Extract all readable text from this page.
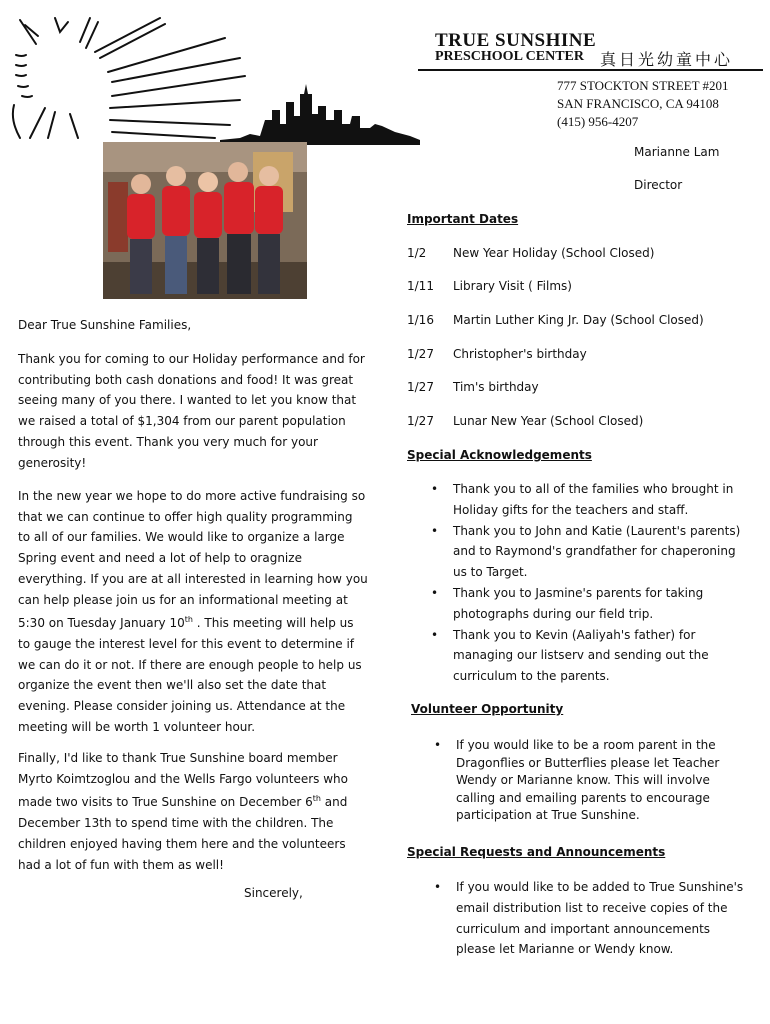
TRUE SUNSHINE
PRESCHOOL CENTER 真日光幼童中心
777 STOCKTON STREET #201
SAN FRANCISCO, CA 94108
(415) 956-4207
Marianne Lam
Director
Dear True Sunshine Families,

Thank you for coming to our Holiday performance and for contributing both cash donations and food! It was great seeing many of you there. I wanted to let you know that we raised a total of $1,304 from our parent population through this event. Thank you very much for your generosity!

In the new year we hope to do more active fundraising so that we can continue to offer high quality programming to all of our families. We would like to organize a large Spring event and need a lot of help to oragnize everything. If you are at all interested in learning how you can help please join us for an informational meeting at 5:30 on Tuesday January 10th . This meeting will help us to gauge the interest level for this event to determine if we can do it or not. If there are enough people to help us organize the event then we'll also set the date that evening. Please consider joining us. Attendance at the meeting will be worth 1 volunteer hour.

Finally, I'd like to thank True Sunshine board member Myrto Koimtzoglou and the Wells Fargo volunteers who made two visits to True Sunshine on December 6th and December 13th to spend time with the children. The children enjoyed having them here and the volunteers had a lot of fun with them as well!

Sincerely,
Important Dates
1/2 New Year Holiday (School Closed)
1/11 Library Visit ( Films)
1/16 Martin Luther King Jr. Day (School Closed)
1/27 Christopher's birthday
1/27 Tim's birthday
1/27 Lunar New Year (School Closed)
Special Acknowledgements
• Thank you to all of the families who brought in Holiday gifts for the teachers and staff.
• Thank you to John and Katie (Laurent's parents) and to Raymond's grandfather for chaperoning us to Target.
• Thank you to Jasmine's parents for taking photographs during our field trip.
• Thank you to Kevin (Aaliyah's father) for managing our listserv and sending out the curriculum to the parents.
Volunteer Opportunity
• If you would like to be a room parent in the Dragonflies or Butterflies please let Teacher Wendy or Marianne know. This will involve calling and emailing parents to encourage participation at True Sunshine.
Special Requests and Announcements
• If you would like to be added to True Sunshine's email distribution list to receive copies of the curriculum and important announcements please let Marianne or Wendy know.
